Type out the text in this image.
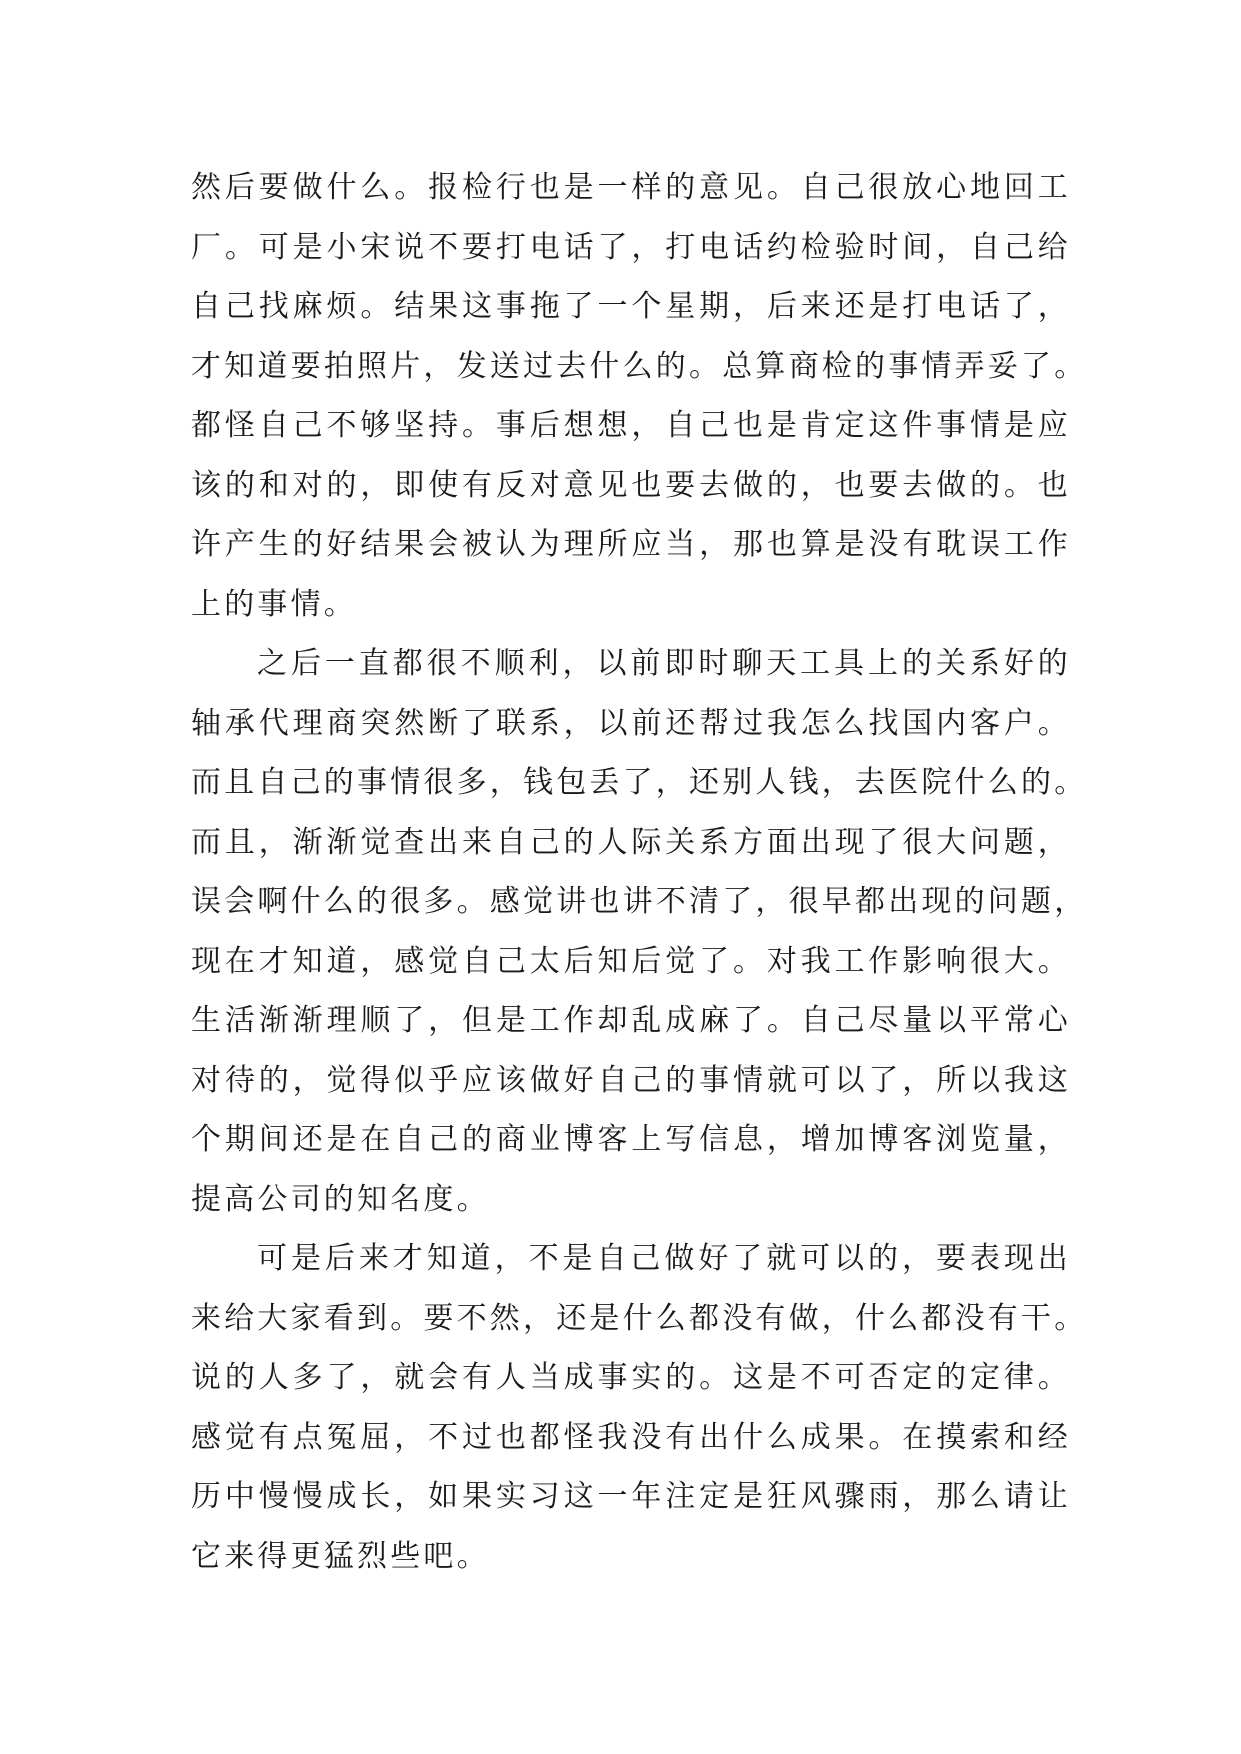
然后要做什么。报检行也是一样的意见。自己很放心地回工
厂。可是小宋说不要打电话了，打电话约检验时间，自己给
自己找麻烦。结果这事拖了一个星期，后来还是打电话了，
才知道要拍照片，发送过去什么的。总算商检的事情弄妥了。
都怪自己不够坚持。事后想想，自己也是肯定这件事情是应
该的和对的，即使有反对意见也要去做的，也要去做的。也
许产生的好结果会被认为理所应当，那也算是没有耽误工作
上的事情。
之后一直都很不顺利，以前即时聊天工具上的关系好的
轴承代理商突然断了联系，以前还帮过我怎么找国内客户。
而且自己的事情很多，钱包丢了，还别人钱，去医院什么的。
而且，渐渐觉查出来自己的人际关系方面出现了很大问题，
误会啊什么的很多。感觉讲也讲不清了，很早都出现的问题，
现在才知道，感觉自己太后知后觉了。对我工作影响很大。
生活渐渐理顺了，但是工作却乱成麻了。自己尽量以平常心
对待的，觉得似乎应该做好自己的事情就可以了，所以我这
个期间还是在自己的商业博客上写信息，增加博客浏览量，
提高公司的知名度。
可是后来才知道，不是自己做好了就可以的，要表现出
来给大家看到。要不然，还是什么都没有做，什么都没有干。
说的人多了，就会有人当成事实的。这是不可否定的定律。
感觉有点冤屈，不过也都怪我没有出什么成果。在摸索和经
历中慢慢成长，如果实习这一年注定是狂风骤雨，那么请让
它来得更猛烈些吧。
